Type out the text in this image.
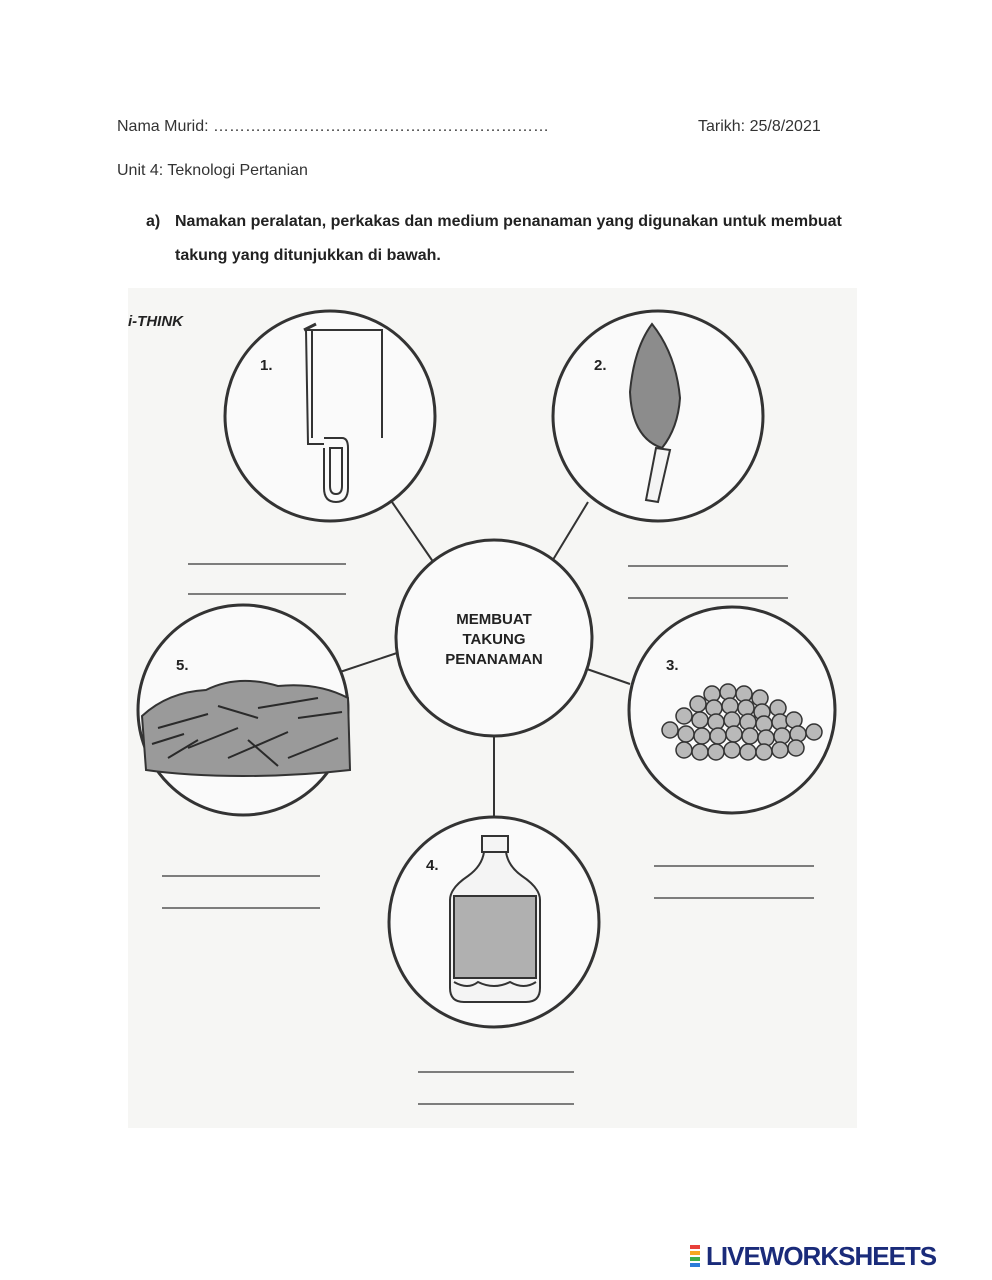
Nama Murid: ………………………………………………………	Tarikh: 25/8/2021
Unit 4: Teknologi Pertanian
a) Namakan peralatan, perkakas dan medium penanaman yang digunakan untuk membuat takung yang ditunjukkan di bawah.
i-THINK
MEMBUAT
TAKUNG
PENANAMAN
1.	2.
5.	3.
4.
LIVEWORKSHEETS
